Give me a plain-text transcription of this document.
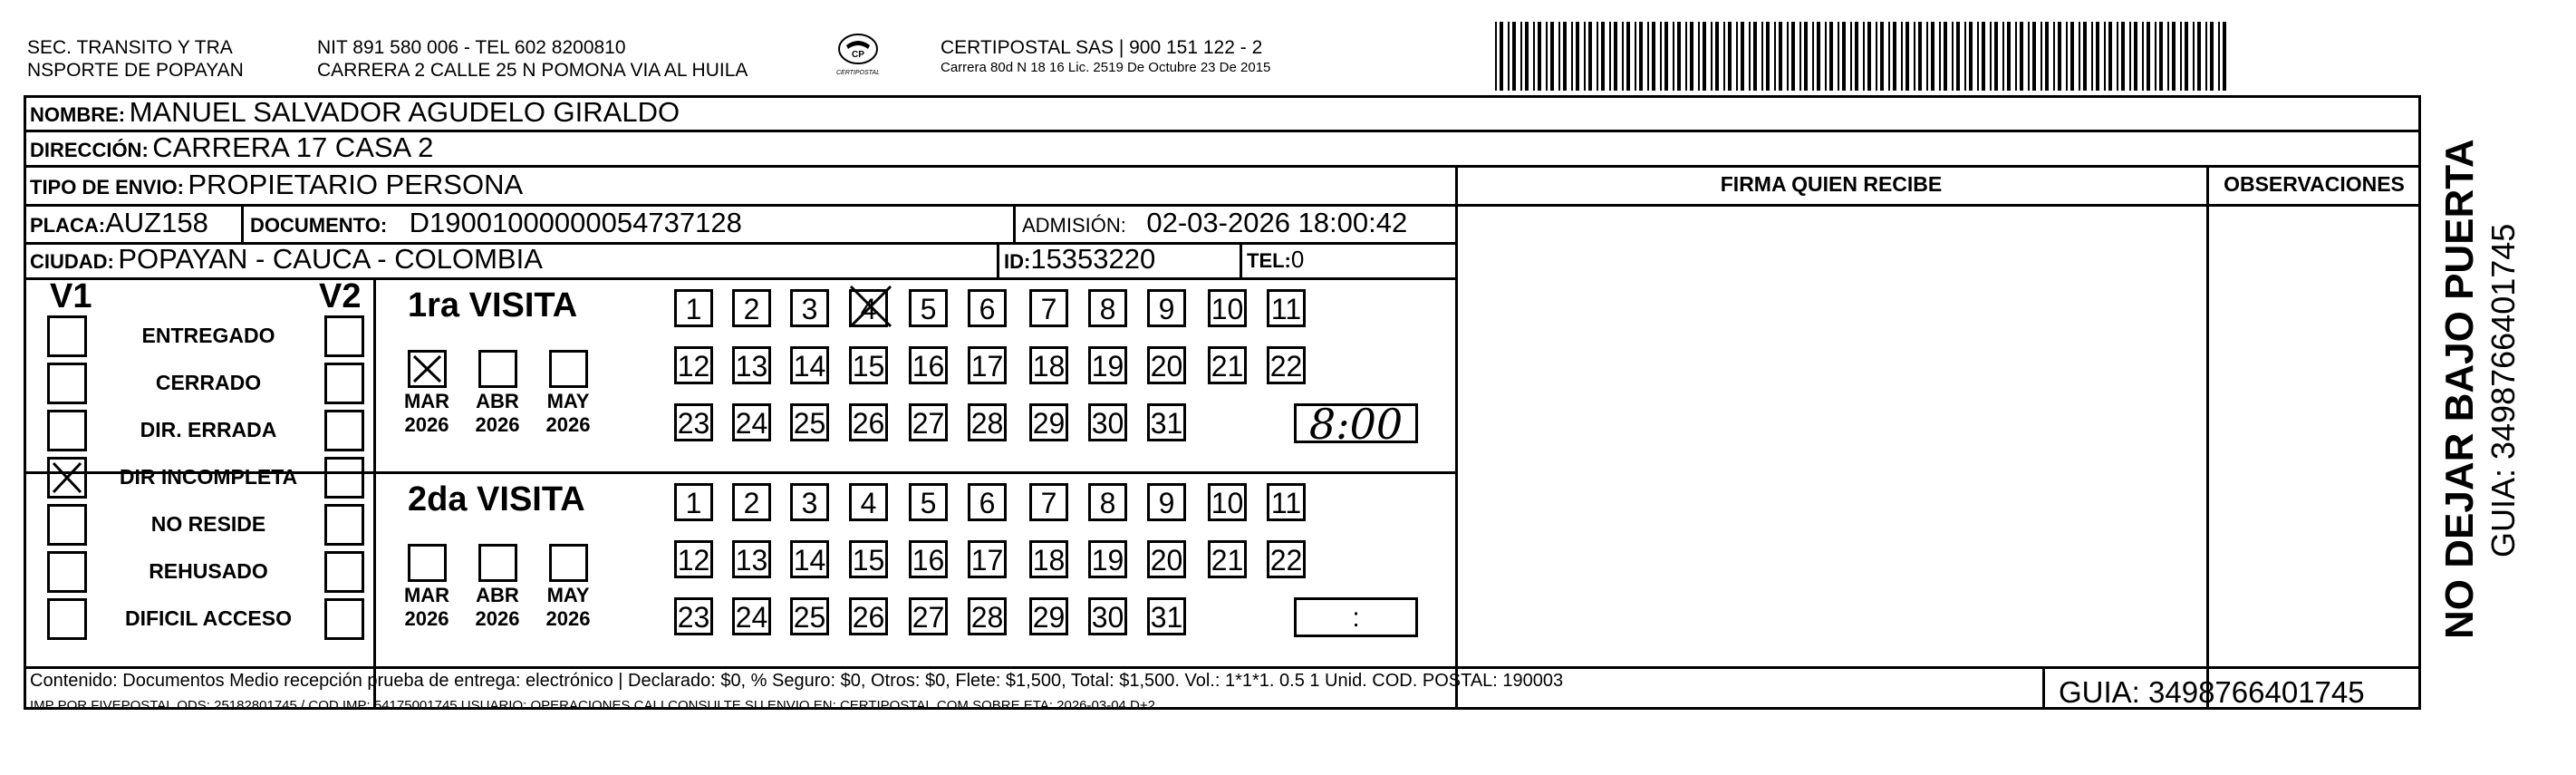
SEC. TRANSITO Y TRA
NSPORTE DE POPAYAN
NIT 891 580 006 - TEL 602 8200810
CARRERA 2 CALLE 25 N POMONA VIA AL HUILA
CP
CERTIPOSTAL
CERTIPOSTAL SAS | 900 151 122 - 2
Carrera 80d N 18 16 Lic. 2519 De Octubre 23 De 2015
NOMBRE: MANUEL SALVADOR AGUDELO GIRALDO
DIRECCIÓN: CARRERA 17 CASA 2
TIPO DE ENVIO: PROPIETARIO PERSONA
PLACA:AUZ158 DOCUMENTO: D19001000000054737128	ADMISIÓN: 02-03-2026 18:00:42
CIUDAD: POPAYAN - CAUCA - COLOMBIA	ID:15353220	TEL:0
FIRMA QUIEN RECIBE	OBSERVACIONES
V1	V2
ENTREGADO
CERRADO
DIR. ERRADA
DIR INCOMPLETA
NO RESIDE
REHUSADO
DIFICIL ACCESO
1ra VISITA
MAR
2026
ABR
2026
MAY
2026
1	2	3	4	5	6	7	8	9	10 11
12 13 14 15 16 17 18 19 20 21 22
23 24 25 26 27 28 29 30 31	8:00
2da VISITA
MAR
2026
ABR
2026
MAY
2026
1	2	3	4	5	6	7	8	9	10 11
12 13 14 15 16 17 18 19 20 21 22
23 24 25 26 27 28 29 30 31	:
Contenido: Documentos Medio recepción prueba de entrega: electrónico | Declarado: $0, % Seguro: $0, Otros: $0, Flete: $1,500, Total: $1,500. Vol.: 1*1*1. 0.5 1 Unid. COD. POSTAL: 190003
IMP POR FIVEPOSTAL ODS: 25182801745 / COD.IMP: 54175001745 USUARIO: OPERACIONES.CALI CONSULTE SU ENVIO EN: CERTIPOSTAL.COM SOBRE ETA: 2026-03-04 D+2	GUIA: 3498766401745
NO DEJAR BAJO PUERTA GUIA: 3498766401745
